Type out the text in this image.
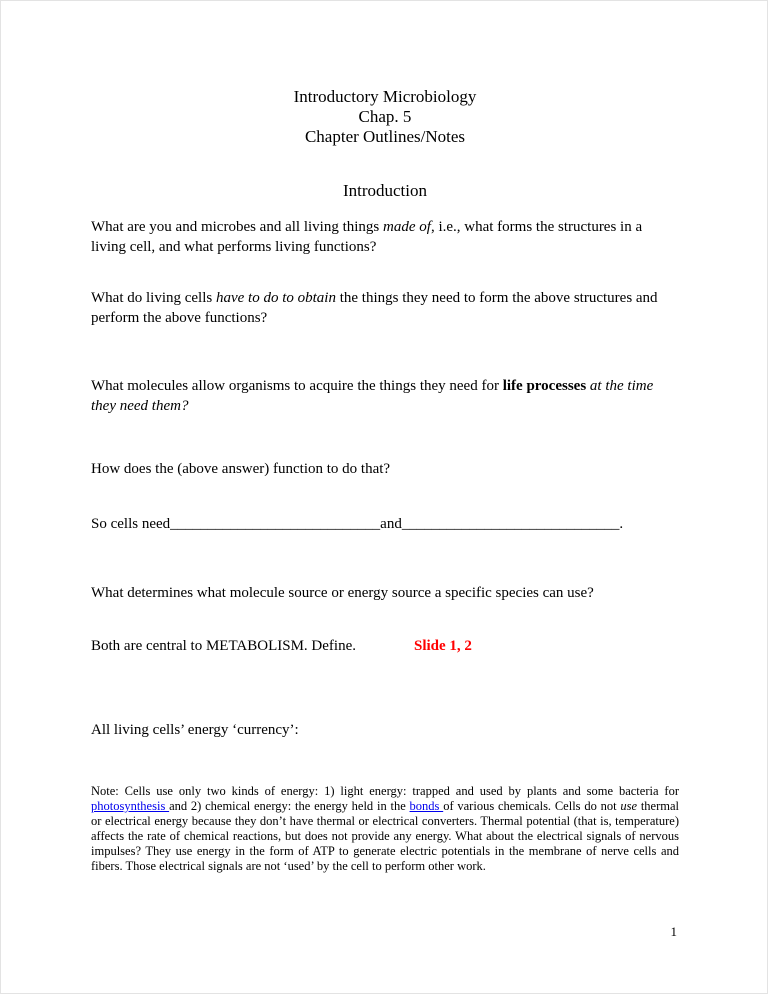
Introductory Microbiology
Chap. 5
Chapter Outlines/Notes
Introduction

What are you and microbes and all living things made of, i.e., what forms the structures in a living cell, and what performs living functions?

What do living cells have to do to obtain the things they need to form the above structures and perform the above functions?

What molecules allow organisms to acquire the things they need for life processes at the time they need them?

How does the (above answer) function to do that?

So cells need____________________________and_____________________________.

What determines what molecule source or energy source a specific species can use?

Both are central to METABOLISM. Define.	Slide 1, 2

All living cells’ energy ‘currency’:

Note: Cells use only two kinds of energy: 1) light energy: trapped and used by plants and some bacteria for photosynthesis and 2) chemical energy: the energy held in the bonds of various chemicals. Cells do not use thermal or electrical energy because they don’t have thermal or electrical converters. Thermal potential (that is, temperature) affects the rate of chemical reactions, but does not provide any energy. What about the electrical signals of nervous impulses? They use energy in the form of ATP to generate electric potentials in the membrane of nerve cells and fibers. Those electrical signals are not ‘used’ by the cell to perform other work.

1
